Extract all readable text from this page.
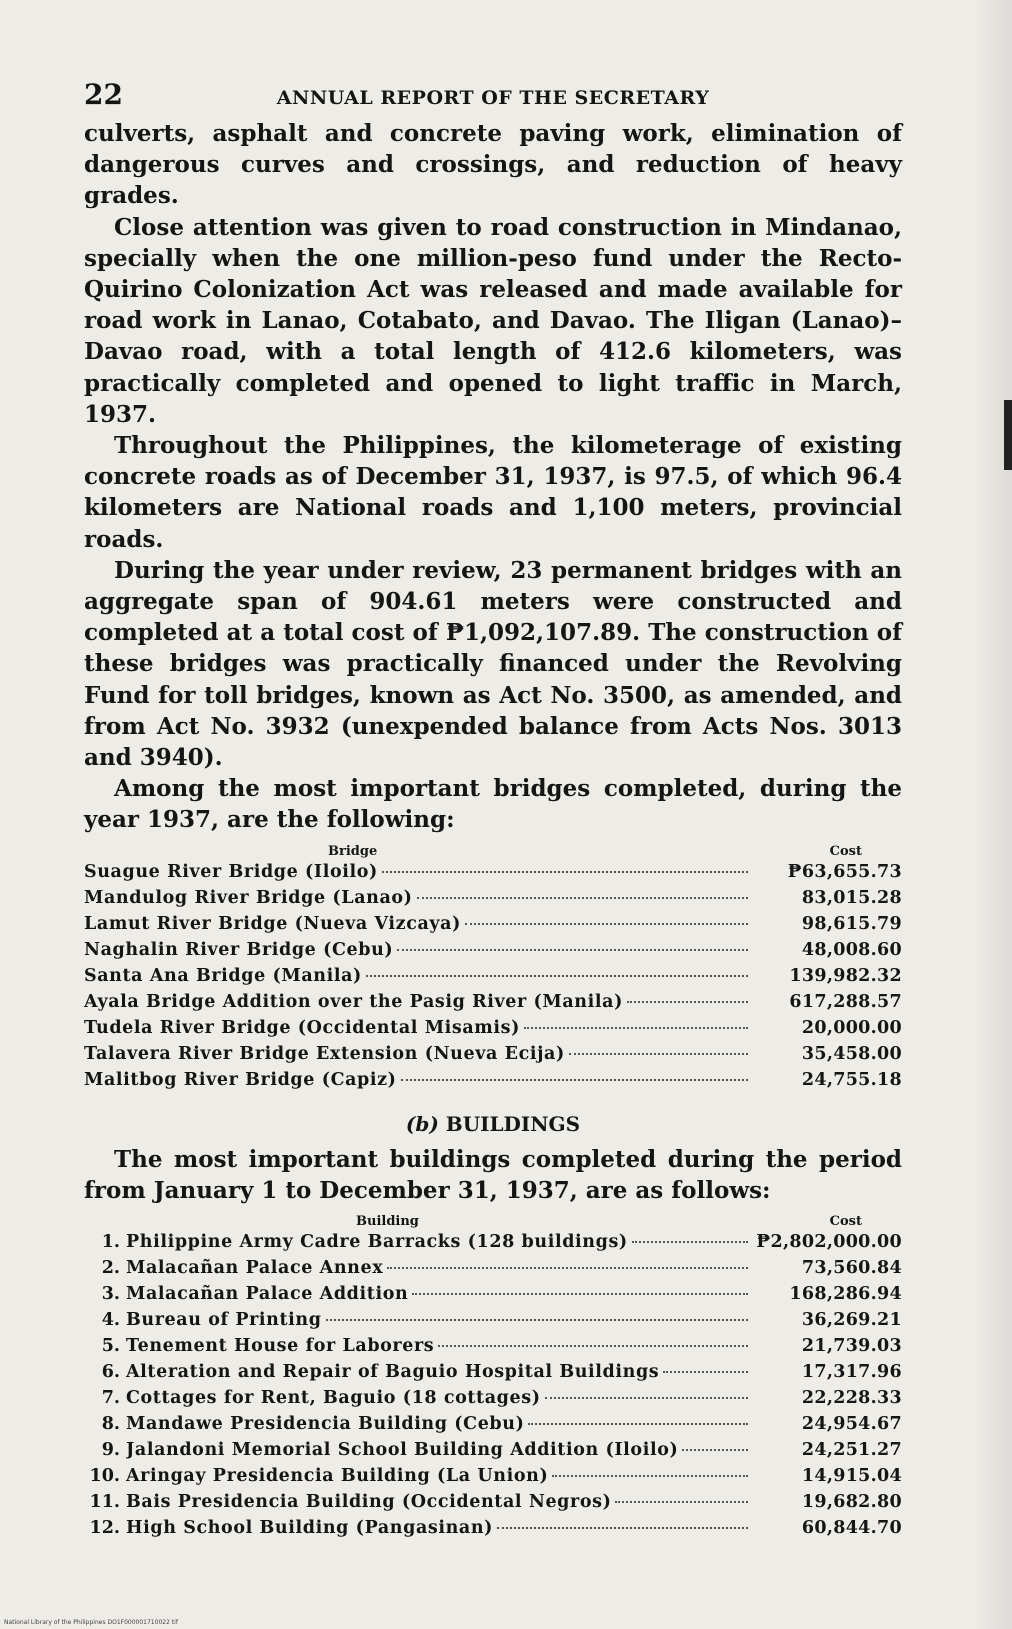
22	ANNUAL REPORT OF THE SECRETARY

culverts, asphalt and concrete paving work, elimination of dangerous curves and crossings, and reduction of heavy grades.

Close attention was given to road construction in Mindanao, specially when the one million-peso fund under the Recto-Quirino Colonization Act was released and made available for road work in Lanao, Cotabato, and Davao. The Iligan (Lanao)–Davao road, with a total length of 412.6 kilometers, was practically completed and opened to light traffic in March, 1937.

Throughout the Philippines, the kilometerage of existing concrete roads as of December 31, 1937, is 97.5, of which 96.4 kilometers are National roads and 1,100 meters, provincial roads.

During the year under review, 23 permanent bridges with an aggregate span of 904.61 meters were constructed and completed at a total cost of ₱1,092,107.89. The construction of these bridges was practically financed under the Revolving Fund for toll bridges, known as Act No. 3500, as amended, and from Act No. 3932 (unexpended balance from Acts Nos. 3013 and 3940).

Among the most important bridges completed, during the year 1937, are the following:

Bridge	Cost
Suague River Bridge (Iloilo)	₱63,655.73
Mandulog River Bridge (Lanao)	83,015.28
Lamut River Bridge (Nueva Vizcaya)	98,615.79
Naghalin River Bridge (Cebu)	48,008.60
Santa Ana Bridge (Manila)	139,982.32
Ayala Bridge Addition over the Pasig River (Manila)	617,288.57
Tudela River Bridge (Occidental Misamis)	20,000.00
Talavera River Bridge Extension (Nueva Ecija)	35,458.00
Malitbog River Bridge (Capiz)	24,755.18
(b) BUILDINGS

The most important buildings completed during the period from January 1 to December 31, 1937, are as follows:

Building	Cost
1. Philippine Army Cadre Barracks (128 buildings)	₱2,802,000.00
2. Malacañan Palace Annex	73,560.84
3. Malacañan Palace Addition	168,286.94
4. Bureau of Printing	36,269.21
5. Tenement House for Laborers	21,739.03
6. Alteration and Repair of Baguio Hospital Buildings	17,317.96
7. Cottages for Rent, Baguio (18 cottages)	22,228.33
8. Mandawe Presidencia Building (Cebu)	24,954.67
9. Jalandoni Memorial School Building Addition (Iloilo)	24,251.27
10. Aringay Presidencia Building (La Union)	14,915.04
11. Bais Presidencia Building (Occidental Negros)	19,682.80
12. High School Building (Pangasinan)	60,844.70
National Library of the Philippines DO1F000001710022 tif
